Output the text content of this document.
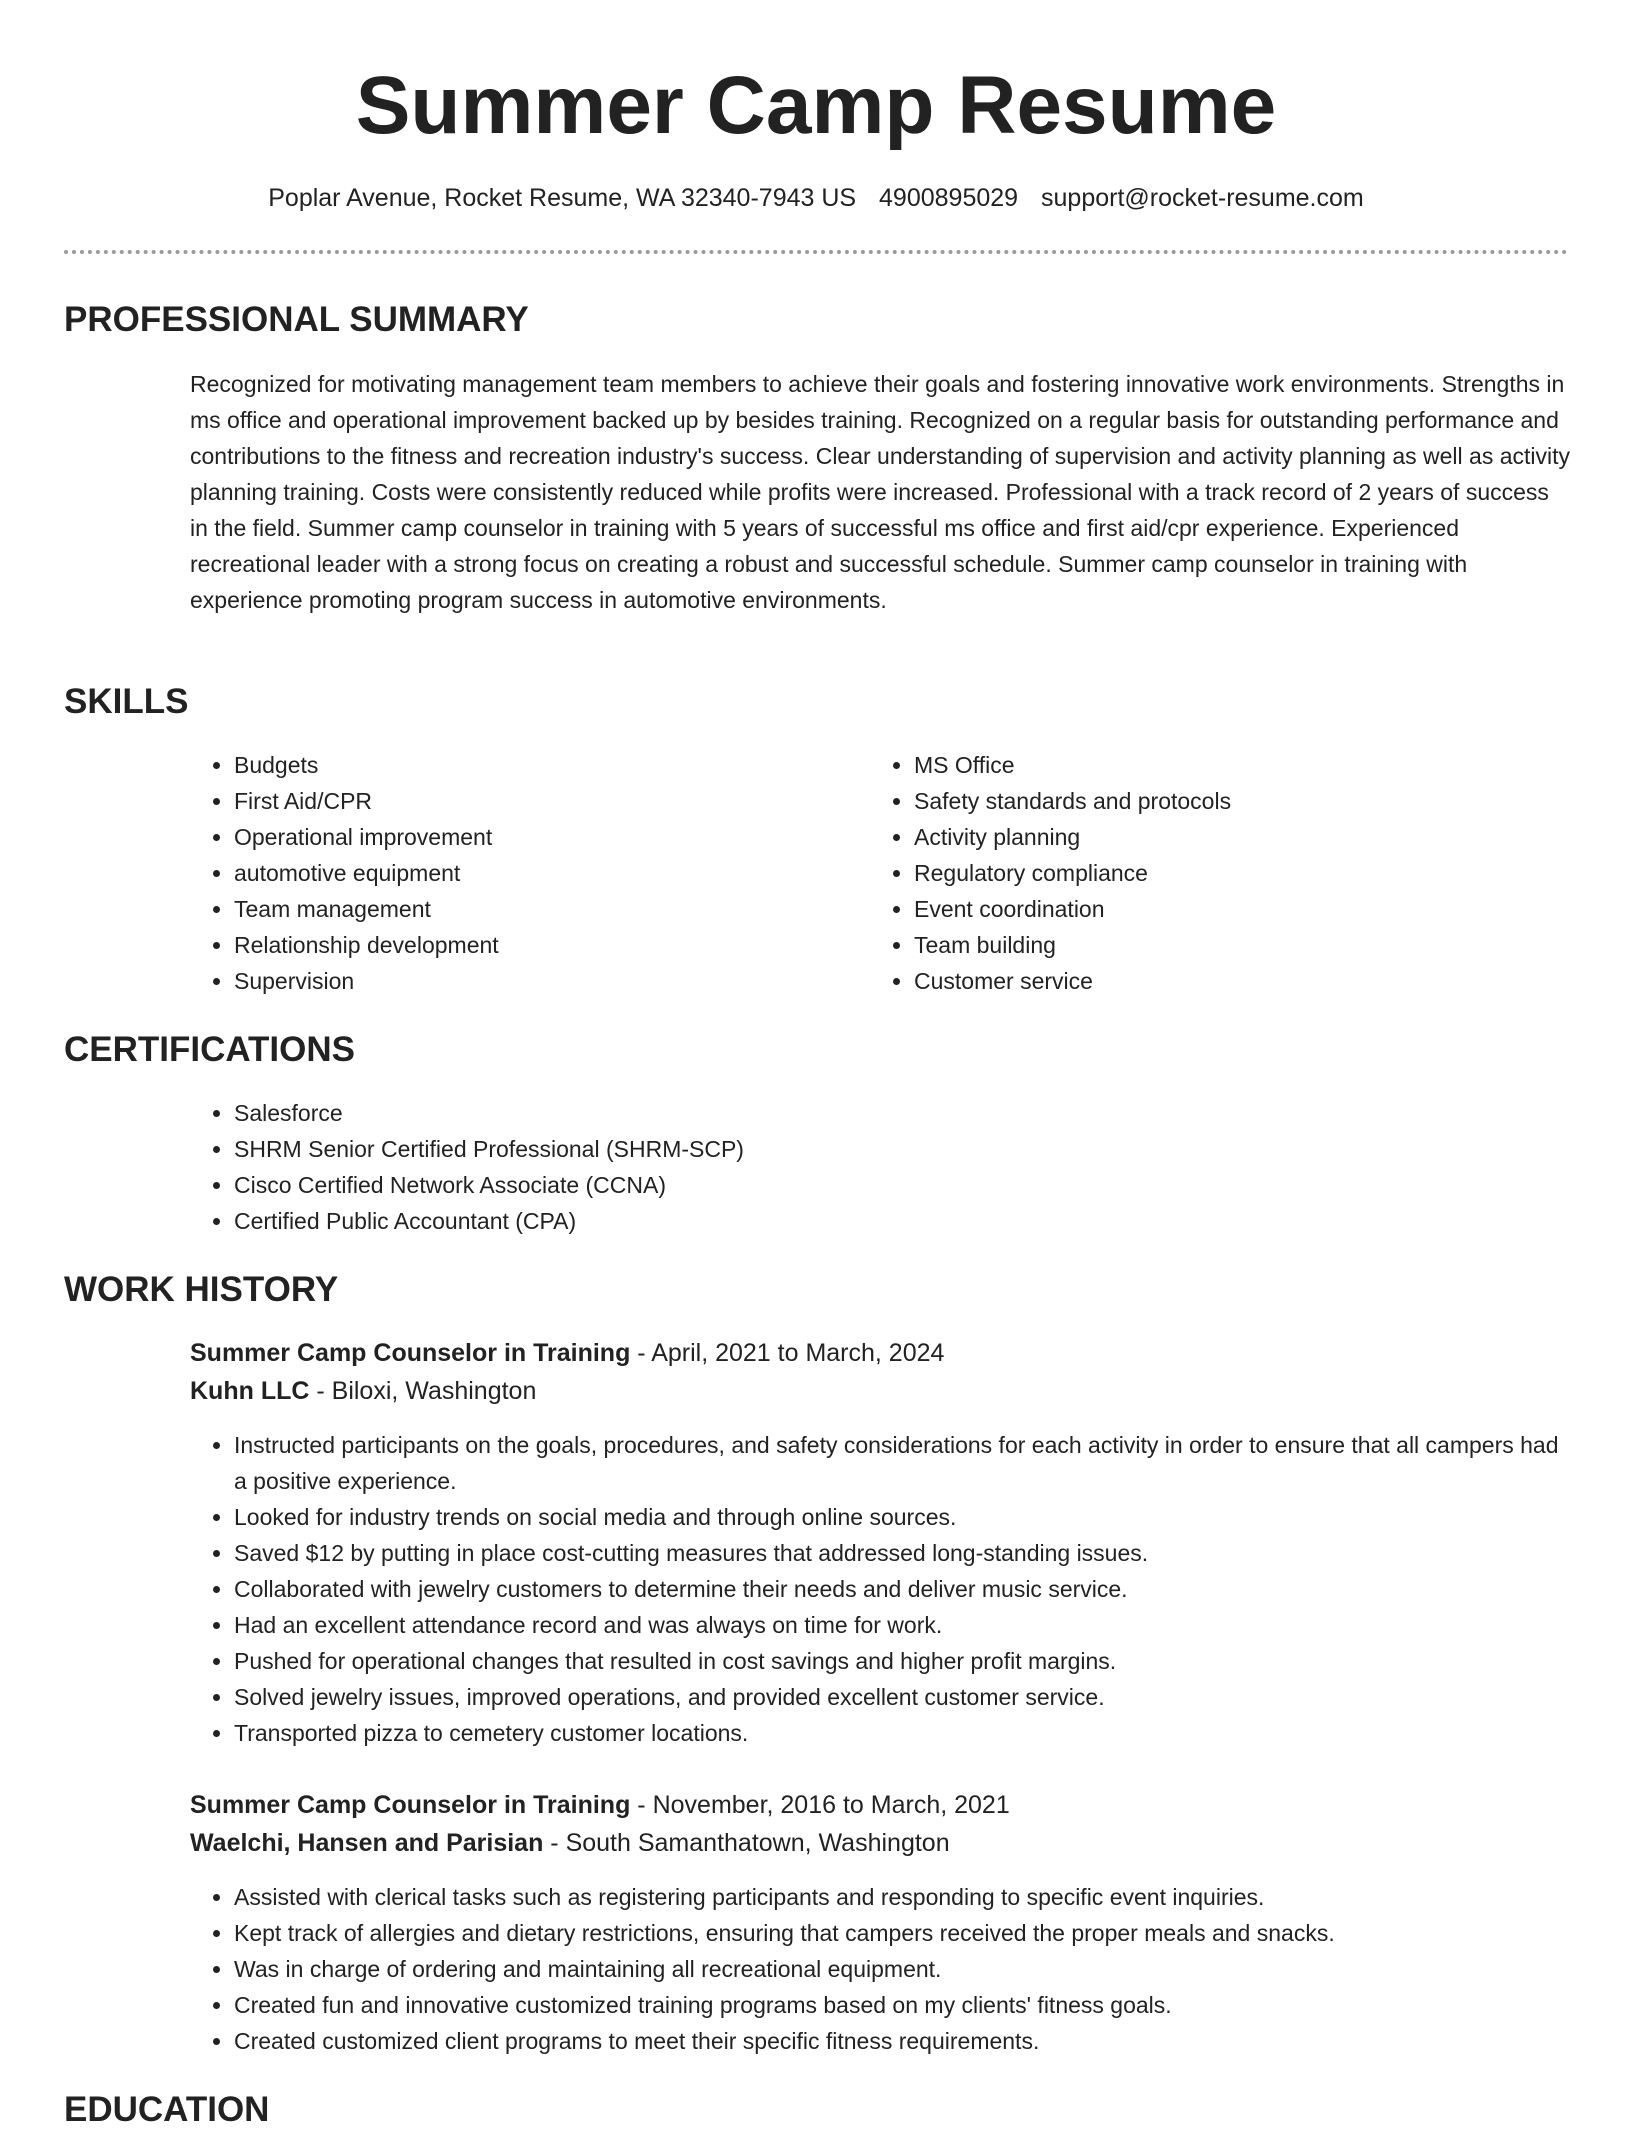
Summer Camp Resume
Poplar Avenue, Rocket Resume, WA 32340-7943 US 4900895029 support@rocket-resume.com
PROFESSIONAL SUMMARY

Recognized for motivating management team members to achieve their goals and fostering innovative work environments. Strengths in ms office and operational improvement backed up by besides training. Recognized on a regular basis for outstanding performance and contributions to the fitness and recreation industry's success. Clear understanding of supervision and activity planning as well as activity planning training. Costs were consistently reduced while profits were increased. Professional with a track record of 2 years of success in the field. Summer camp counselor in training with 5 years of successful ms office and first aid/cpr experience. Experienced recreational leader with a strong focus on creating a robust and successful schedule. Summer camp counselor in training with experience promoting program success in automotive environments.

SKILLS
• Budgets
• First Aid/CPR
• Operational improvement
• automotive equipment
• Team management
• Relationship development
• Supervision
• MS Office
• Safety standards and protocols
• Activity planning
• Regulatory compliance
• Event coordination
• Team building
• Customer service
CERTIFICATIONS
• Salesforce
• SHRM Senior Certified Professional (SHRM-SCP)
• Cisco Certified Network Associate (CCNA)
• Certified Public Accountant (CPA)
WORK HISTORY

Summer Camp Counselor in Training - April, 2021 to March, 2024

Kuhn LLC - Biloxi, Washington

• Instructed participants on the goals, procedures, and safety considerations for each activity in order to ensure that all campers had a positive experience.
• Looked for industry trends on social media and through online sources.
• Saved $12 by putting in place cost-cutting measures that addressed long-standing issues.
• Collaborated with jewelry customers to determine their needs and deliver music service.
• Had an excellent attendance record and was always on time for work.
• Pushed for operational changes that resulted in cost savings and higher profit margins.
• Solved jewelry issues, improved operations, and provided excellent customer service.
• Transported pizza to cemetery customer locations.

Summer Camp Counselor in Training - November, 2016 to March, 2021

Waelchi, Hansen and Parisian - South Samanthatown, Washington

• Assisted with clerical tasks such as registering participants and responding to specific event inquiries.
• Kept track of allergies and dietary restrictions, ensuring that campers received the proper meals and snacks.
• Was in charge of ordering and maintaining all recreational equipment.
• Created fun and innovative customized training programs based on my clients' fitness goals.
• Created customized client programs to meet their specific fitness requirements.
EDUCATION
